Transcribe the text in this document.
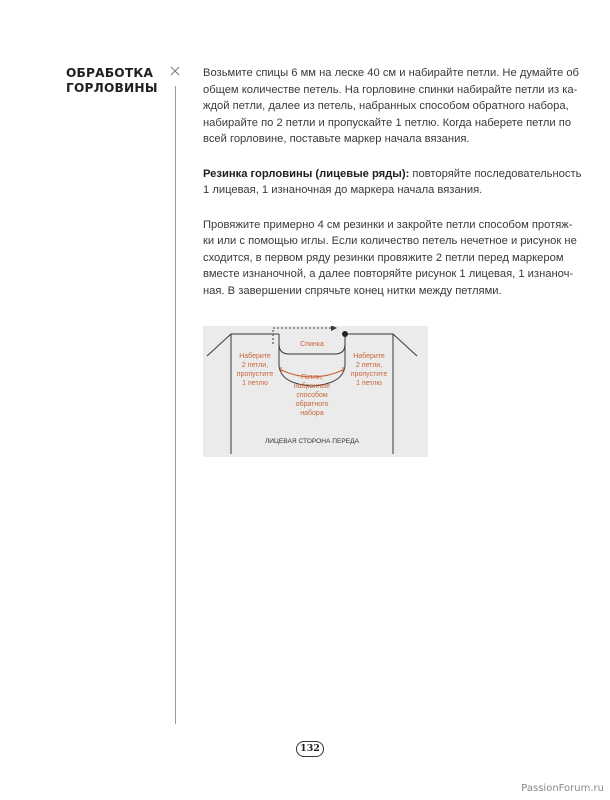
ОБРАБОТКА
ГОРЛОВИНЫ

Возьмите спицы 6 мм на леске 40 см и набирайте петли. Не думайте об
общем количестве петель. На горловине спинки набирайте петли из ка-
ждой петли, далее из петель, набранных способом обратного набора,
набирайте по 2 петли и пропускайте 1 петлю. Когда наберете петли по
всей горловине, поставьте маркер начала вязания.

Резинка горловины (лицевые ряды): повторяйте последовательность
1 лицевая, 1 изнаночная до маркера начала вязания.

Провяжите примерно 4 см резинки и закройте петли способом протяж-
ки или с помощью иглы. Если количество петель нечетное и рисунок не
сходится, в первом ряду резинки провяжите 2 петли перед маркером
вместе изнаночной, а далее повторяйте рисунок 1 лицевая, 1 изнаноч-
ная. В завершении спрячьте конец нитки между петлями.

Спинка
Наберите
2 петли,
пропустите
1 петлю
Наберите
2 петли,
пропустите
1 петлю
Петли,
набранные
способом
обратного
набора
ЛИЦЕВАЯ СТОРОНА ПЕРЕДА
132
PassionForum.ru
